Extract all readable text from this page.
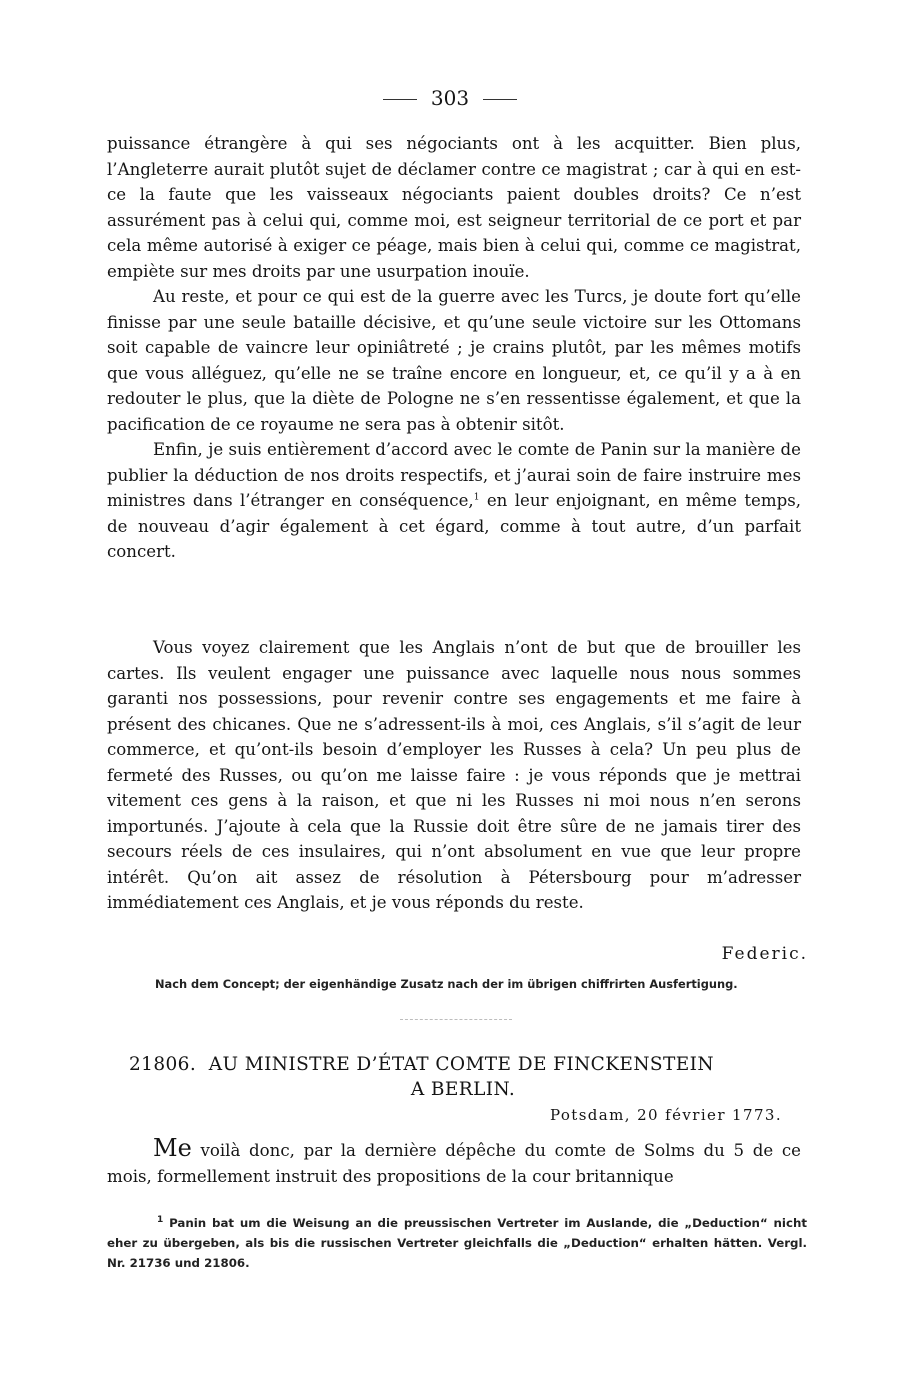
303

puissance étrangère à qui ses négociants ont à les acquitter. Bien plus, l’Angleterre aurait plutôt sujet de déclamer contre ce magistrat ; car à qui en est-ce la faute que les vaisseaux négociants paient doubles droits? Ce n’est assurément pas à celui qui, comme moi, est seigneur territorial de ce port et par cela même autorisé à exiger ce péage, mais bien à celui qui, comme ce magistrat, empiète sur mes droits par une usurpation inouïe.

Au reste, et pour ce qui est de la guerre avec les Turcs, je doute fort qu’elle finisse par une seule bataille décisive, et qu’une seule victoire sur les Ottomans soit capable de vaincre leur opiniâtreté ; je crains plutôt, par les mêmes motifs que vous alléguez, qu’elle ne se traîne encore en longueur, et, ce qu’il y a à en redouter le plus, que la diète de Pologne ne s’en ressentisse également, et que la pacification de ce royaume ne sera pas à obtenir sitôt.

Enfin, je suis entièrement d’accord avec le comte de Panin sur la manière de publier la déduction de nos droits respectifs, et j’aurai soin de faire instruire mes ministres dans l’étranger en conséquence,$^1$ en leur enjoignant, en même temps, de nouveau d’agir également à cet égard, comme à tout autre, d’un parfait concert.

Vous voyez clairement que les Anglais n’ont de but que de brouiller les cartes. Ils veulent engager une puissance avec laquelle nous nous sommes garanti nos possessions, pour revenir contre ses engagements et me faire à présent des chicanes. Que ne s’adressent-ils à moi, ces Anglais, s’il s’agit de leur commerce, et qu’ont-ils besoin d’employer les Russes à cela? Un peu plus de fermeté des Russes, ou qu’on me laisse faire : je vous réponds que je mettrai vitement ces gens à la raison, et que ni les Russes ni moi nous n’en serons importunés. J’ajoute à cela que la Russie doit être sûre de ne jamais tirer des secours réels de ces insulaires, qui n’ont absolument en vue que leur propre intérêt. Qu’on ait assez de résolution à Pétersbourg pour m’adresser immédiatement ces Anglais, et je vous réponds du reste.

Federic.
Nach dem Concept; der eigenhändige Zusatz nach der im übrigen chiffrirten Ausfertigung.
21806. AU MINISTRE D’ÉTAT COMTE DE FINCKENSTEIN
A BERLIN.
Potsdam, 20 février 1773.

Me voilà donc, par la dernière dépêche du comte de Solms du 5 de ce mois, formellement instruit des propositions de la cour britannique

$^1$ Panin bat um die Weisung an die preussischen Vertreter im Auslande, die „Deduction“ nicht eher zu übergeben, als bis die russischen Vertreter gleichfalls die „Deduction“ erhalten hätten. Vergl. Nr. 21736 und 21806.
